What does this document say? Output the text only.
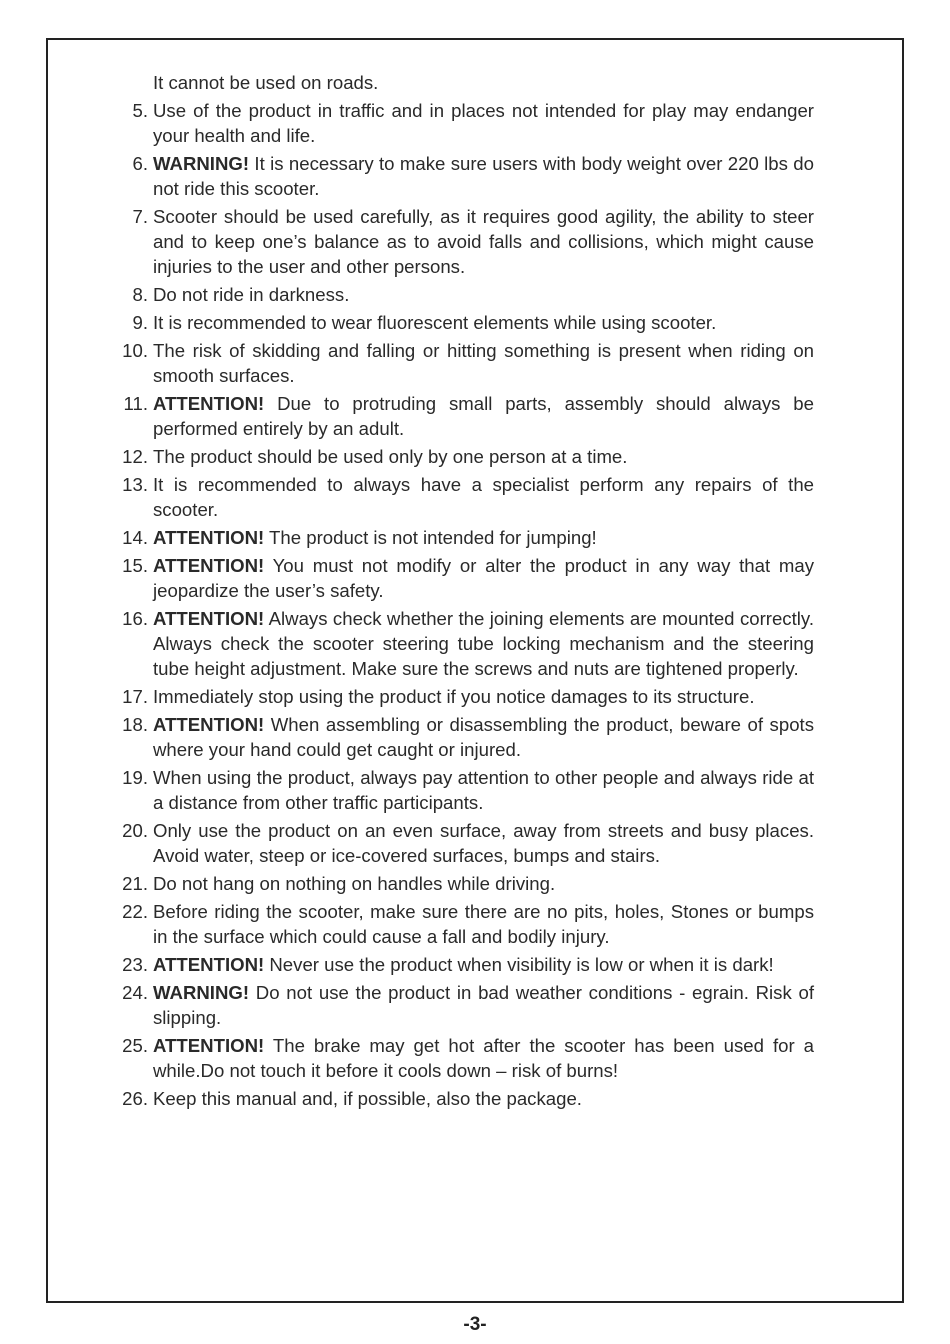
It cannot be used on roads.
5. Use of the product in traffic and in places not intended for play may endanger your health and life.
6. WARNING! It is necessary to make sure users with body weight over 220 lbs do not ride this scooter.
7. Scooter should be used carefully, as it requires good agility, the ability to steer and to keep one’s balance as to avoid falls and collisions, which might cause injuries to the user and other persons.
8. Do not ride in darkness.
9. It is recommended to wear fluorescent elements while using scooter.
10. The risk of skidding and falling or hitting something is present when riding on smooth surfaces.
11. ATTENTION! Due to protruding small parts, assembly should always be performed entirely by an adult.
12. The product should be used only by one person at a time.
13. It is recommended to always have a specialist perform any repairs of the scooter.
14. ATTENTION! The product is not intended for jumping!
15. ATTENTION! You must not modify or alter the product in any way that may jeopardize the user’s safety.
16. ATTENTION! Always check whether the joining elements are mounted correctly. Always check the scooter steering tube locking mechanism and the steering tube height adjustment. Make sure the screws and nuts are tightened properly.
17. Immediately stop using the product if you notice damages to its structure.
18. ATTENTION! When assembling or disassembling the product, beware of spots where your hand could get caught or injured.
19. When using the product, always pay attention to other people and always ride at a distance from other traffic participants.
20. Only use the product on an even surface, away from streets and busy places. Avoid water, steep or ice-covered surfaces, bumps and stairs.
21. Do not hang on nothing on handles while driving.
22. Before riding the scooter, make sure there are no pits, holes, Stones or bumps in the surface which could cause a fall and bodily injury.
23. ATTENTION! Never use the product when visibility is low or when it is dark!
24. WARNING! Do not use the product in bad weather conditions - egrain. Risk of slipping.
25. ATTENTION! The brake may get hot after the scooter has been used for a while.Do not touch it before it cools down – risk of burns!
26. Keep this manual and, if possible, also the package.
-3-
